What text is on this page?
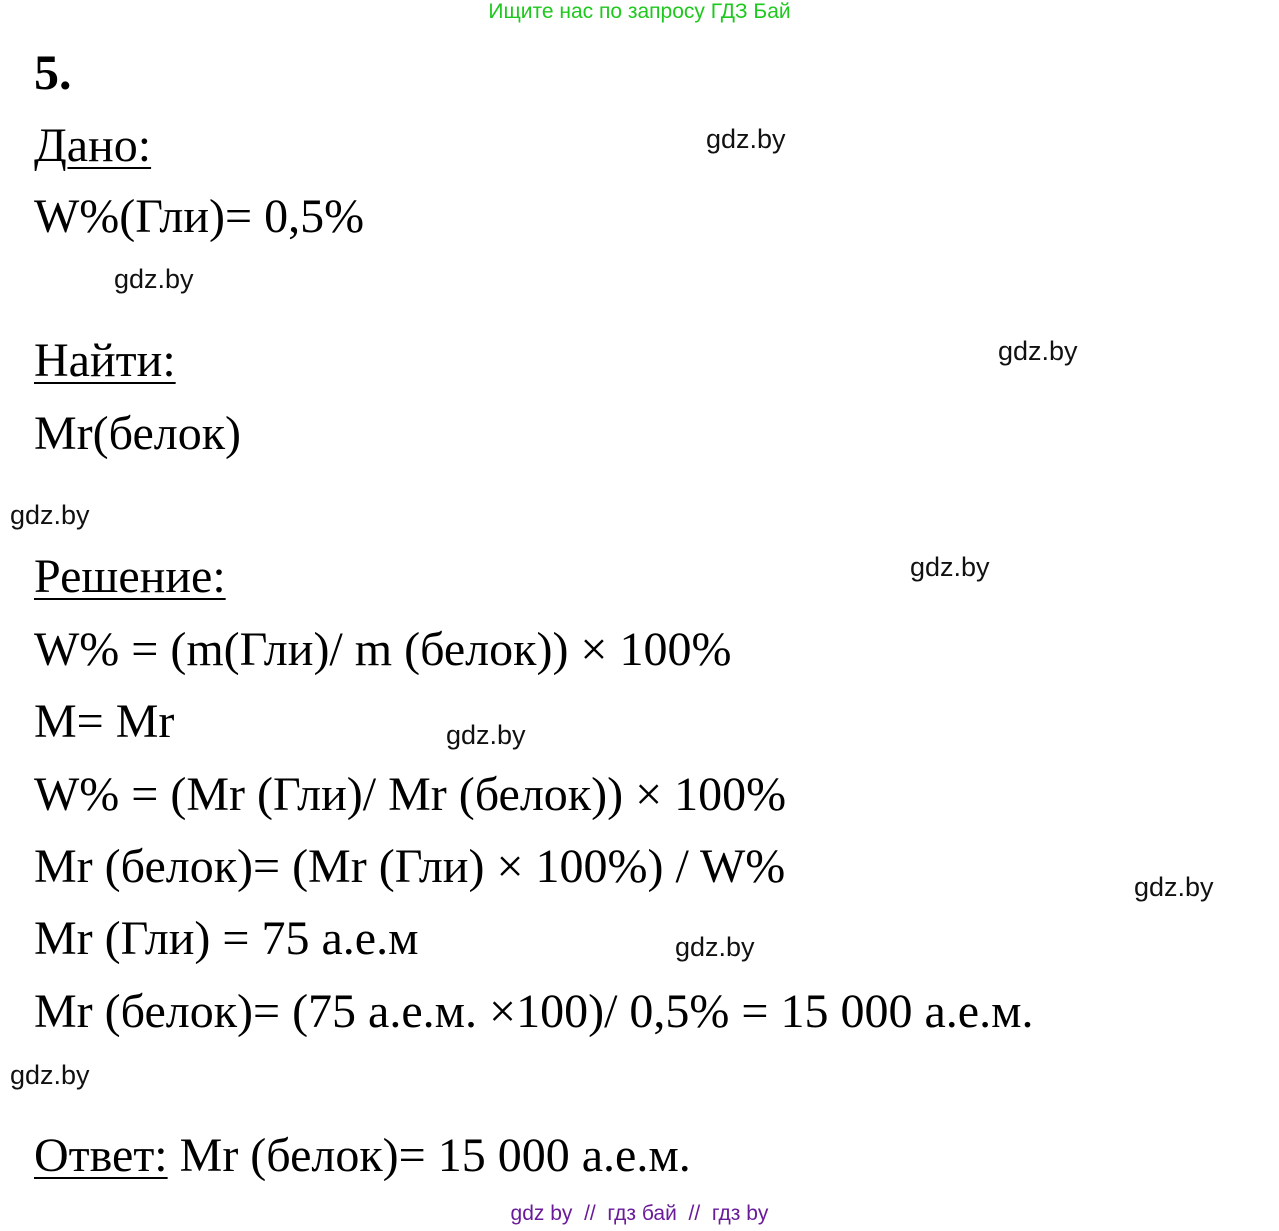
Ищите нас по запросу ГДЗ Бай
5.
Дано:
W%(Гли)= 0,5%
Найти:
Mr(белок)
Решение:
W% = (m(Гли)/ m (белок)) × 100%
M= Mr
W% = (Mr (Гли)/ Mr (белок)) × 100%
Mr (белок)= (Mr (Гли) × 100%) / W%
Mr (Гли) = 75 а.е.м
Mr (белок)= (75 а.е.м. ×100)/ 0,5% = 15 000 а.е.м.
Ответ: Mr (белок)= 15 000 а.е.м.
gdz.by
gdz.by
gdz.by
gdz.by
gdz.by
gdz.by
gdz.by
gdz.by
gdz.by
gdz by  //  гдз бай  //  гдз by
